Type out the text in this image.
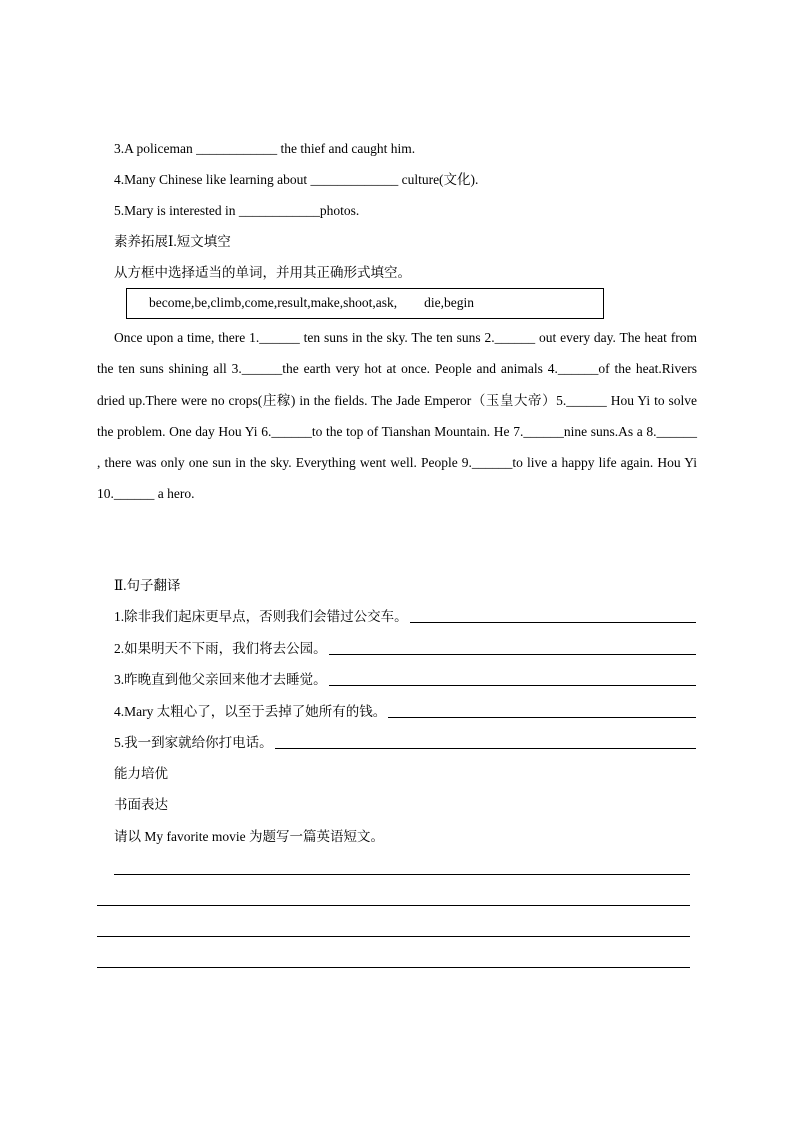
3.A policeman ____________ the thief and caught him.
4.Many Chinese like learning about _____________ culture(文化).
5.Mary is interested in ____________photos.
素养拓展Ⅰ.短文填空
从方框中选择适当的单词，并用其正确形式填空。
become,be,climb,come,result,make,shoot,ask,        die,begin
Once upon a time, there 1.______ ten suns in the sky. The ten suns 2.______ out every day. The heat from the ten suns shining all 3.______the earth very hot at once. People and animals 4.______of the heat.Rivers dried up.There were no crops(庄稼) in the fields. The Jade Emperor（玉皇大帝）5.______ Hou Yi to solve the problem. One day Hou Yi 6.______to the top of Tianshan Mountain. He 7.______nine suns.As a 8.______ , there was only one sun in the sky. Everything went well. People 9.______to live a happy life again. Hou Yi 10.______ a hero.
Ⅱ.句子翻译
1.除非我们起床更早点，否则我们会错过公交车。
2.如果明天不下雨，我们将去公园。
3.昨晚直到他父亲回来他才去睡觉。
4.Mary 太粗心了，以至于丢掉了她所有的钱。
5.我一到家就给你打电话。
能力培优
书面表达
请以 My favorite movie 为题写一篇英语短文。
